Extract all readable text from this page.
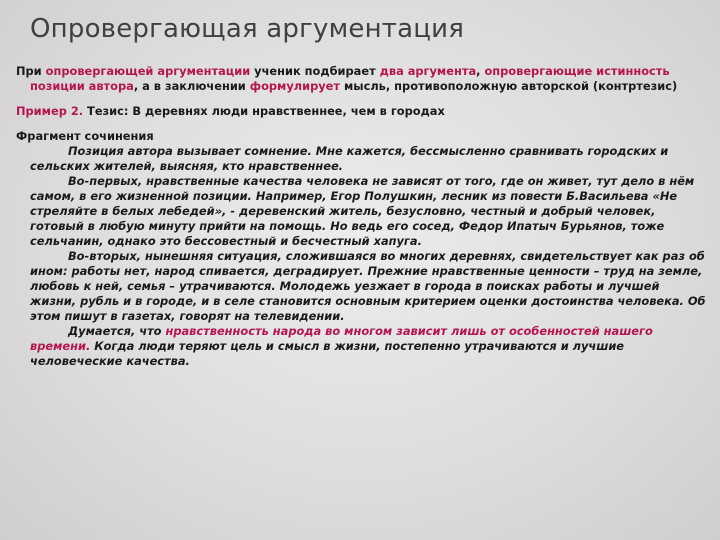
Опровергающая аргументация

При опровергающей аргументации ученик подбирает два аргумента, опровергающие истинность позиции автора, а в заключении формулирует мысль, противоположную авторской (контртезис)

Пример 2. Тезис: В деревнях люди нравственнее, чем в городах

Фрагмент сочинения

Позиция автора вызывает сомнение. Мне кажется, бессмысленно сравнивать городских и сельских жителей, выясняя, кто нравственнее.

Во-первых, нравственные качества человека не зависят от того, где он живет, тут дело в нём самом, в его жизненной позиции. Например, Егор Полушкин, лесник из повести Б.Васильева «Не стреляйте в белых лебедей», - деревенский житель, безусловно, честный и добрый человек, готовый в любую минуту прийти на помощь. Но ведь его сосед, Федор Ипатыч Бурьянов, тоже сельчанин, однако это бессовестный и бесчестный хапуга.

Во-вторых, нынешняя ситуация, сложившаяся во многих деревнях, свидетельствует как раз об ином: работы нет, народ спивается, деградирует. Прежние нравственные ценности – труд на земле, любовь к ней, семья – утрачиваются. Молодежь уезжает в города в поисках работы и лучшей жизни, рубль и в городе, и в селе становится основным критерием оценки достоинства человека. Об этом пишут в газетах, говорят на телевидении.

Думается, что нравственность народа во многом зависит лишь от особенностей нашего времени. Когда люди теряют цель и смысл в жизни, постепенно утрачиваются и лучшие человеческие качества.
